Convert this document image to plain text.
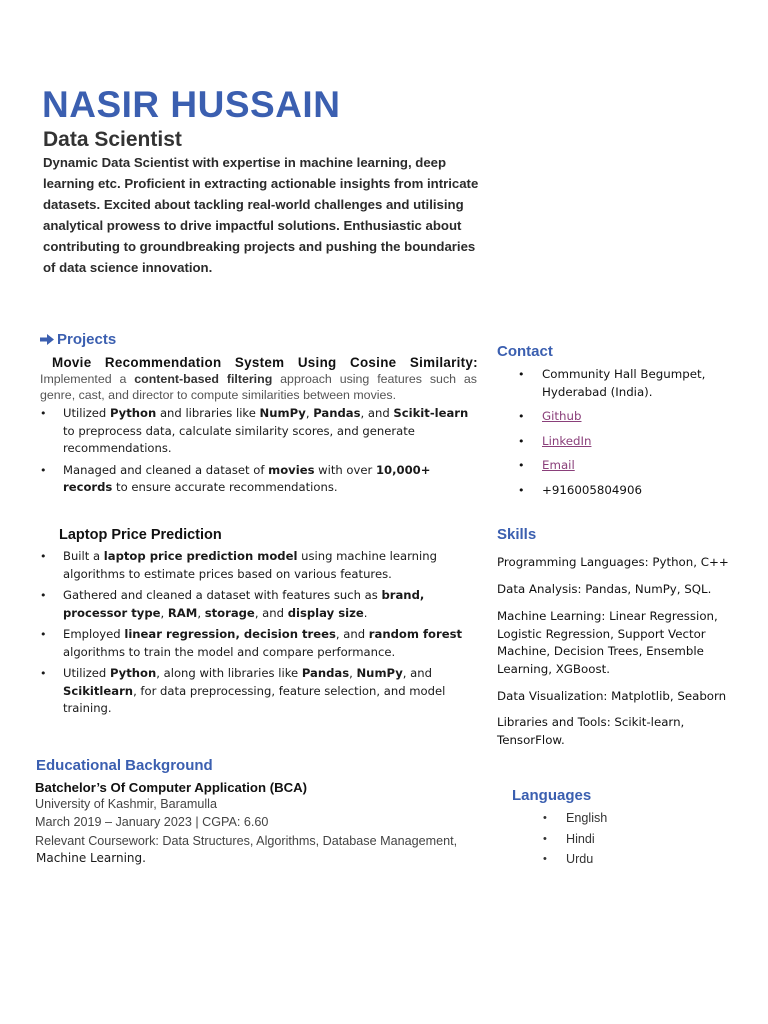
NASIR HUSSAIN
Data Scientist
Dynamic Data Scientist with expertise in machine learning, deep learning etc. Proficient in extracting actionable insights from intricate datasets. Excited about tackling real-world challenges and utilising analytical prowess to drive impactful solutions. Enthusiastic about contributing to groundbreaking projects and pushing the boundaries of data science innovation.
Projects
Movie Recommendation System Using Cosine Similarity:
Implemented a content-based filtering approach using features such as genre, cast, and director to compute similarities between movies.
• Utilized Python and libraries like NumPy, Pandas, and Scikit-learn to preprocess data, calculate similarity scores, and generate recommendations.
• Managed and cleaned a dataset of movies with over 10,000+ records to ensure accurate recommendations.
Laptop Price Prediction
• Built a laptop price prediction model using machine learning algorithms to estimate prices based on various features.
• Gathered and cleaned a dataset with features such as brand, processor type, RAM, storage, and display size.
• Employed linear regression, decision trees, and random forest algorithms to train the model and compare performance.
• Utilized Python, along with libraries like Pandas, NumPy, and Scikitlearn, for data preprocessing, feature selection, and model training.
Educational Background
Batchelor’s Of Computer Application (BCA)
University of Kashmir, Baramulla
March 2019 – January 2023 | CGPA: 6.60
Relevant Coursework: Data Structures, Algorithms, Database Management,
Machine Learning.
Contact
• Community Hall Begumpet, Hyderabad (India).
• Github
• LinkedIn
• Email
• +916005804906
Skills
Programming Languages: Python, C++
Data Analysis: Pandas, NumPy, SQL.
Machine Learning: Linear Regression, Logistic Regression, Support Vector Machine, Decision Trees, Ensemble Learning, XGBoost.
Data Visualization: Matplotlib, Seaborn
Libraries and Tools: Scikit-learn, TensorFlow.
Languages
• English
• Hindi
• Urdu
